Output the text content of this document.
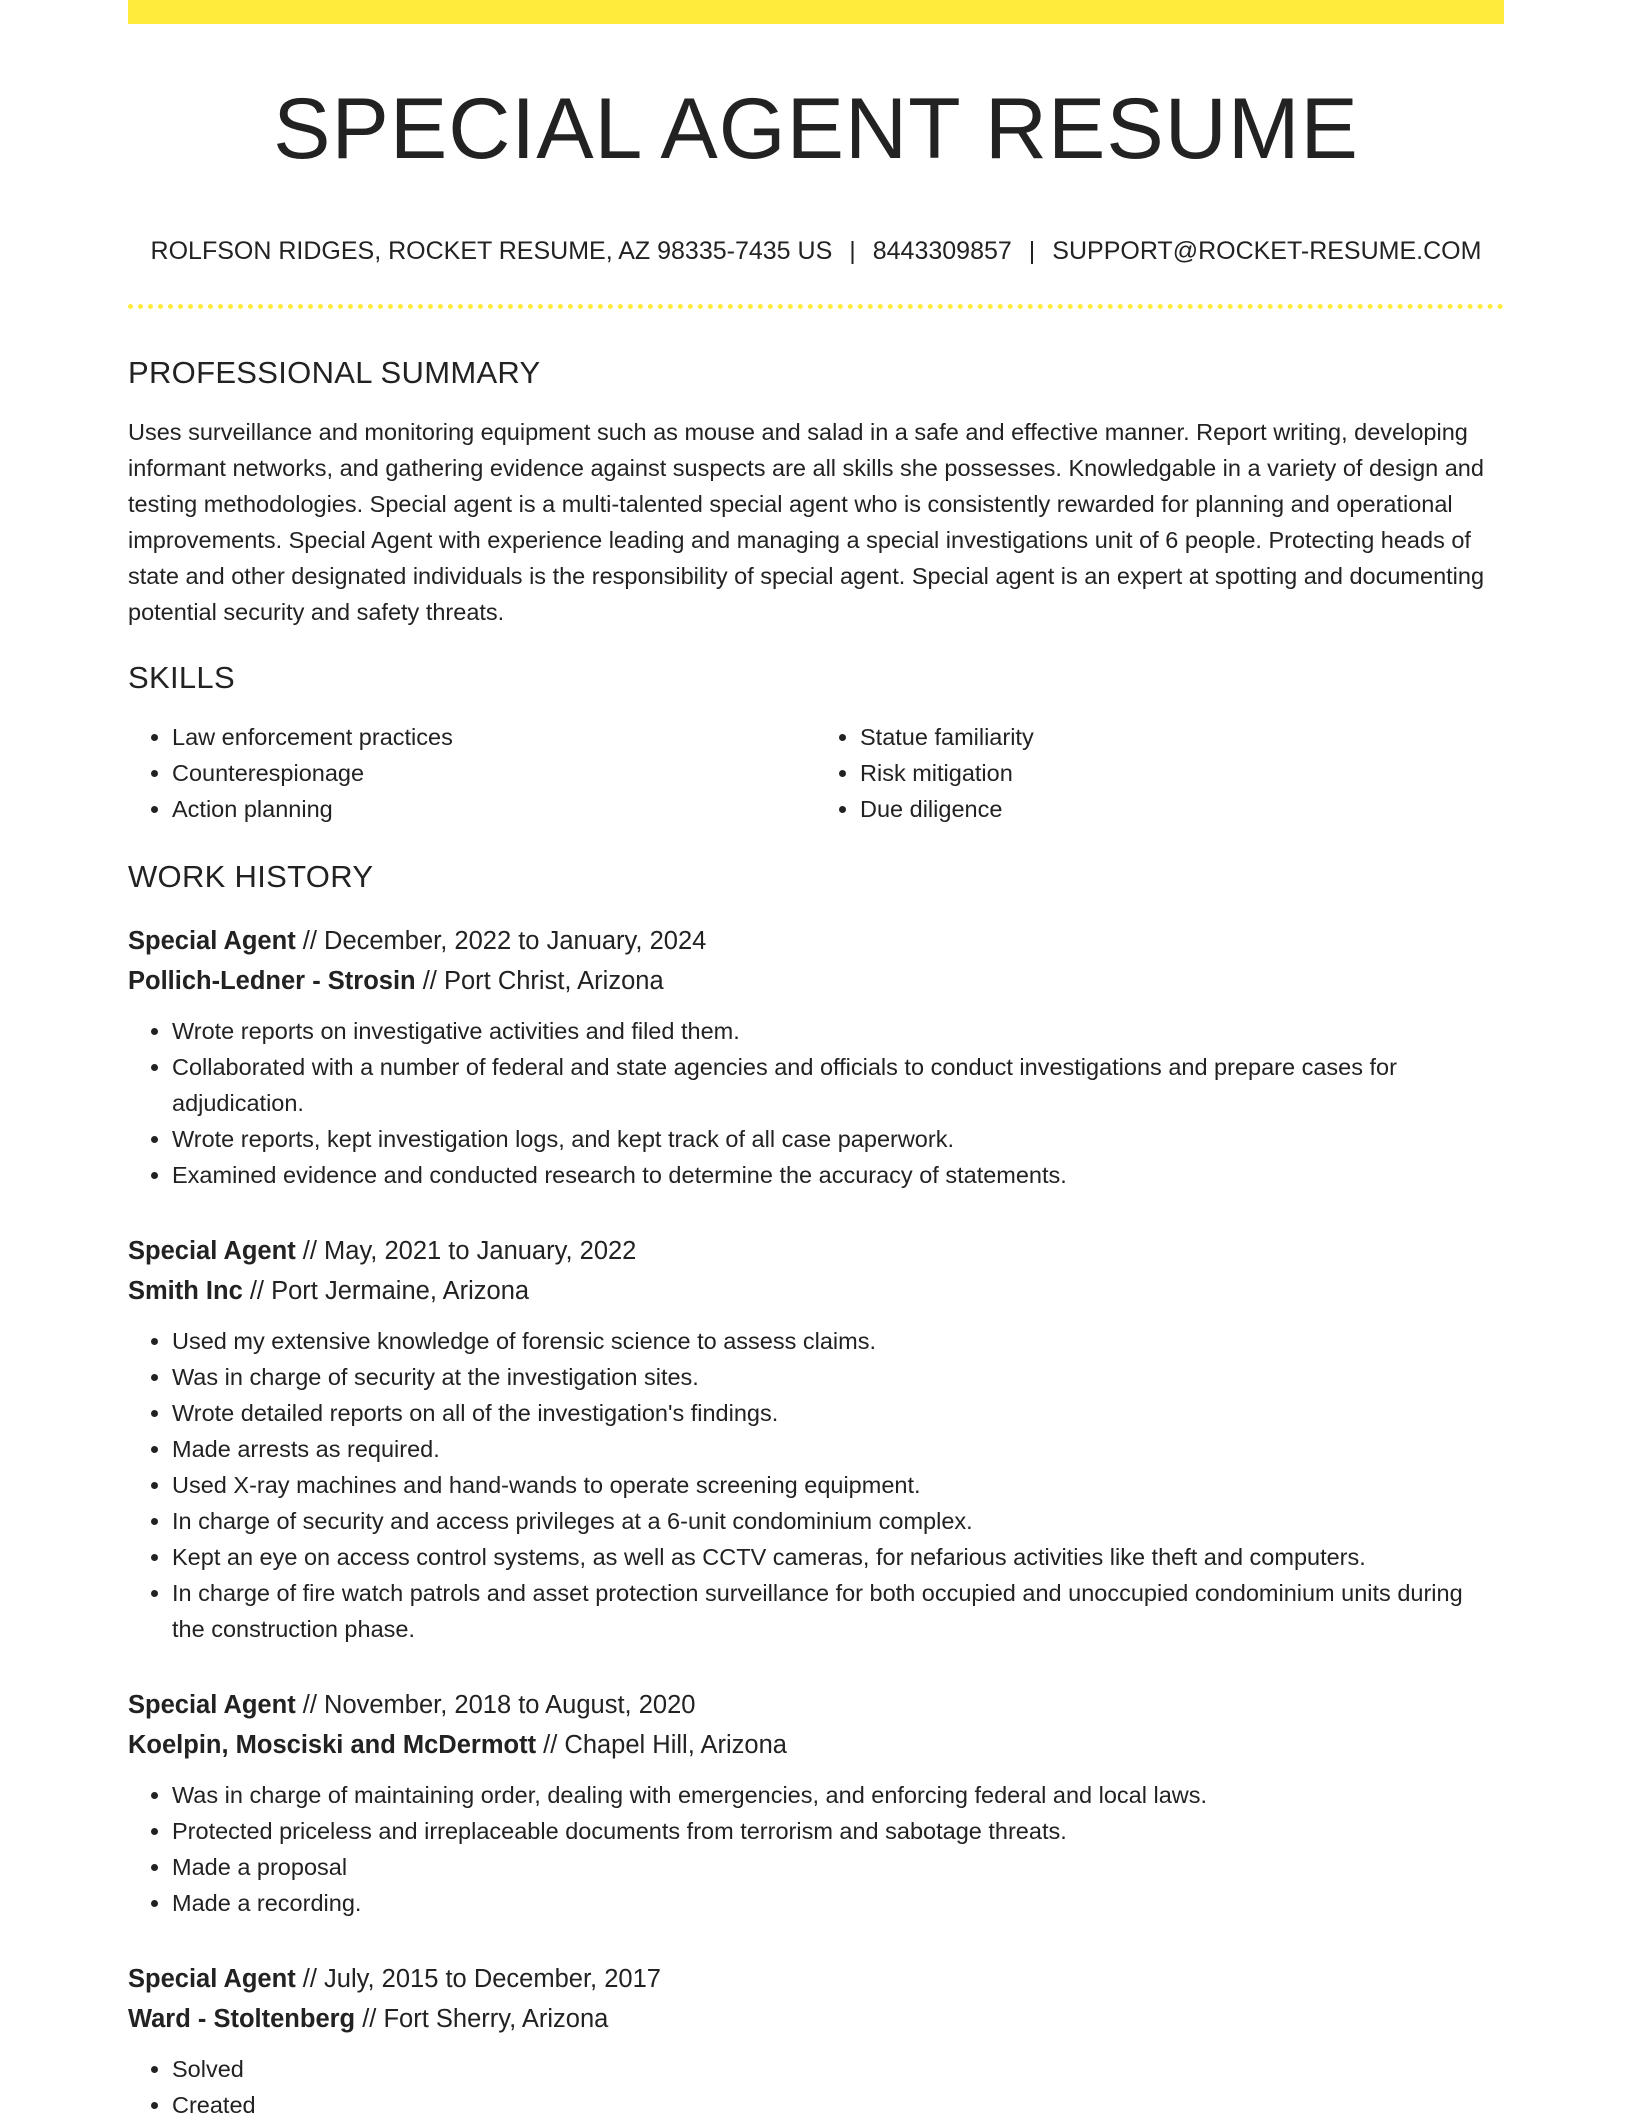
SPECIAL AGENT RESUME
ROLFSON RIDGES, ROCKET RESUME, AZ 98335-7435 US | 8443309857 | SUPPORT@ROCKET-RESUME.COM
PROFESSIONAL SUMMARY

Uses surveillance and monitoring equipment such as mouse and salad in a safe and effective manner. Report writing, developing informant networks, and gathering evidence against suspects are all skills she possesses. Knowledgable in a variety of design and testing methodologies. Special agent is a multi-talented special agent who is consistently rewarded for planning and operational improvements. Special Agent with experience leading and managing a special investigations unit of 6 people. Protecting heads of state and other designated individuals is the responsibility of special agent. Special agent is an expert at spotting and documenting potential security and safety threats.

SKILLS
• Law enforcement practices
• Counterespionage
• Action planning
• Statue familiarity
• Risk mitigation
• Due diligence
WORK HISTORY
Special Agent // December, 2022 to January, 2024
Pollich-Ledner - Strosin // Port Christ, Arizona
• Wrote reports on investigative activities and filed them.
• Collaborated with a number of federal and state agencies and officials to conduct investigations and prepare cases for adjudication.
• Wrote reports, kept investigation logs, and kept track of all case paperwork.
• Examined evidence and conducted research to determine the accuracy of statements.
Special Agent // May, 2021 to January, 2022
Smith Inc // Port Jermaine, Arizona
• Used my extensive knowledge of forensic science to assess claims.
• Was in charge of security at the investigation sites.
• Wrote detailed reports on all of the investigation's findings.
• Made arrests as required.
• Used X-ray machines and hand-wands to operate screening equipment.
• In charge of security and access privileges at a 6-unit condominium complex.
• Kept an eye on access control systems, as well as CCTV cameras, for nefarious activities like theft and computers.
• In charge of fire watch patrols and asset protection surveillance for both occupied and unoccupied condominium units during the construction phase.
Special Agent // November, 2018 to August, 2020
Koelpin, Mosciski and McDermott // Chapel Hill, Arizona
• Was in charge of maintaining order, dealing with emergencies, and enforcing federal and local laws.
• Protected priceless and irreplaceable documents from terrorism and sabotage threats.
• Made a proposal
• Made a recording.
Special Agent // July, 2015 to December, 2017
Ward - Stoltenberg // Fort Sherry, Arizona
• Solved
• Created
